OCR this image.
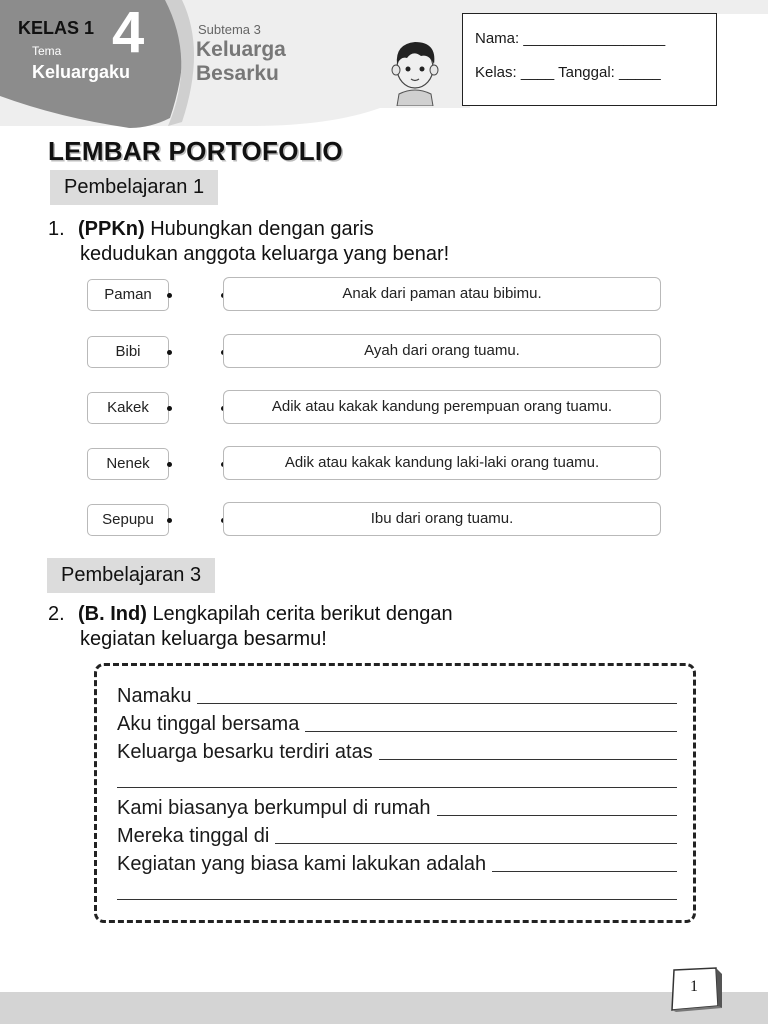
KELAS 1
Tema
Keluargaku
4	Subtema 3
Keluarga Besarku
Nama: _________________
Kelas: ____ Tanggal: _____
LEMBAR PORTOFOLIO
Pembelajaran 1
1. (PPKn) Hubungkan dengan garis
kedudukan anggota keluarga yang benar!
Paman	Anak dari paman atau bibimu.
Bibi	Ayah dari orang tuamu.
Kakek	Adik atau kakak kandung perempuan orang tuamu.
Nenek	Adik atau kakak kandung laki-laki orang tuamu.
Sepupu	Ibu dari orang tuamu.
Pembelajaran 3
2. (B. Ind) Lengkapilah cerita berikut dengan
kegiatan keluarga besarmu!
Namaku
Aku tinggal bersama
Keluarga besarku terdiri atas
Kami biasanya berkumpul di rumah
Mereka tinggal di
Kegiatan yang biasa kami lakukan adalah
1
